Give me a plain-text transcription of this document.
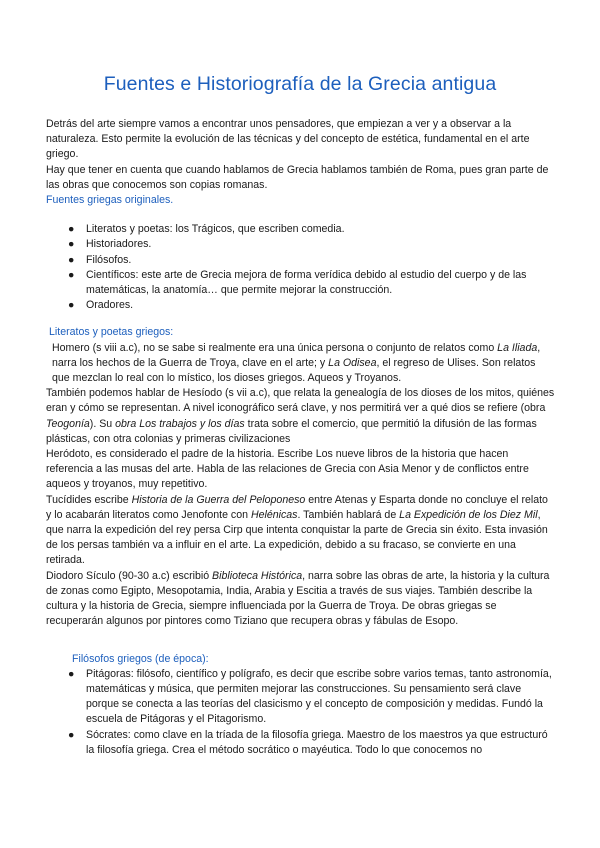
Fuentes e Historiografía de la Grecia antigua

Detrás del arte siempre vamos a encontrar unos pensadores, que empiezan a ver y a observar a la naturaleza. Esto permite la evolución de las técnicas y del concepto de estética, fundamental en el arte griego.

Hay que tener en cuenta que cuando hablamos de Grecia hablamos también de Roma, pues gran parte de las obras que conocemos son copias romanas.

Fuentes griegas originales.

● Literatos y poetas: los Trágicos, que escriben comedia.
● Historiadores.
● Filósofos.
● Científicos: este arte de Grecia mejora de forma verídica debido al estudio del cuerpo y de las matemáticas, la anatomía… que permite mejorar la construcción.
● Oradores.

Literatos y poetas griegos:

Homero (s viii a.c), no se sabe si realmente era una única persona o conjunto de relatos como La Iliada, narra los hechos de la Guerra de Troya, clave en el arte; y La Odisea, el regreso de Ulises. Son relatos que mezclan lo real con lo místico, los dioses griegos. Aqueos y Troyanos.

También podemos hablar de Hesíodo (s vii a.c), que relata la genealogía de los dioses de los mitos, quiénes eran y cómo se representan. A nivel iconográfico será clave, y nos permitirá ver a qué dios se refiere (obra Teogonía). Su obra Los trabajos y los días trata sobre el comercio, que permitió la difusión de las formas plásticas, con otra colonias y primeras civilizaciones

Heródoto, es considerado el padre de la historia. Escribe Los nueve libros de la historia que hacen referencia a las musas del arte. Habla de las relaciones de Grecia con Asia Menor y de conflictos entre aqueos y troyanos, muy repetitivo.

Tucídides escribe Historia de la Guerra del Peloponeso entre Atenas y Esparta donde no concluye el relato y lo acabarán literatos como Jenofonte con Helénicas. También hablará de La Expedición de los Diez Mil, que narra la expedición del rey persa Cirp que intenta conquistar la parte de Grecia sin éxito. Esta invasión de los persas también va a influir en el arte. La expedición, debido a su fracaso, se convierte en una retirada.

Diodoro Sículo (90-30 a.c) escribió Biblioteca Histórica, narra sobre las obras de arte, la historia y la cultura de zonas como Egipto, Mesopotamia, India, Arabia y Escitia a través de sus viajes. También describe la cultura y la historia de Grecia, siempre influenciada por la Guerra de Troya. De obras griegas se recuperarán algunos por pintores como Tiziano que recupera obras y fábulas de Esopo.

Filósofos griegos (de época):

● Pitágoras: filósofo, científico y polígrafo, es decir que escribe sobre varios temas, tanto astronomía, matemáticas y música, que permiten mejorar las construcciones. Su pensamiento será clave porque se conecta a las teorías del clasicismo y el concepto de composición y medidas. Fundó la escuela de Pitágoras y el Pitagorismo.
● Sócrates: como clave en la tríada de la filosofía griega. Maestro de los maestros ya que estructuró la filosofía griega. Crea el método socrático o mayéutica. Todo lo que conocemos no
